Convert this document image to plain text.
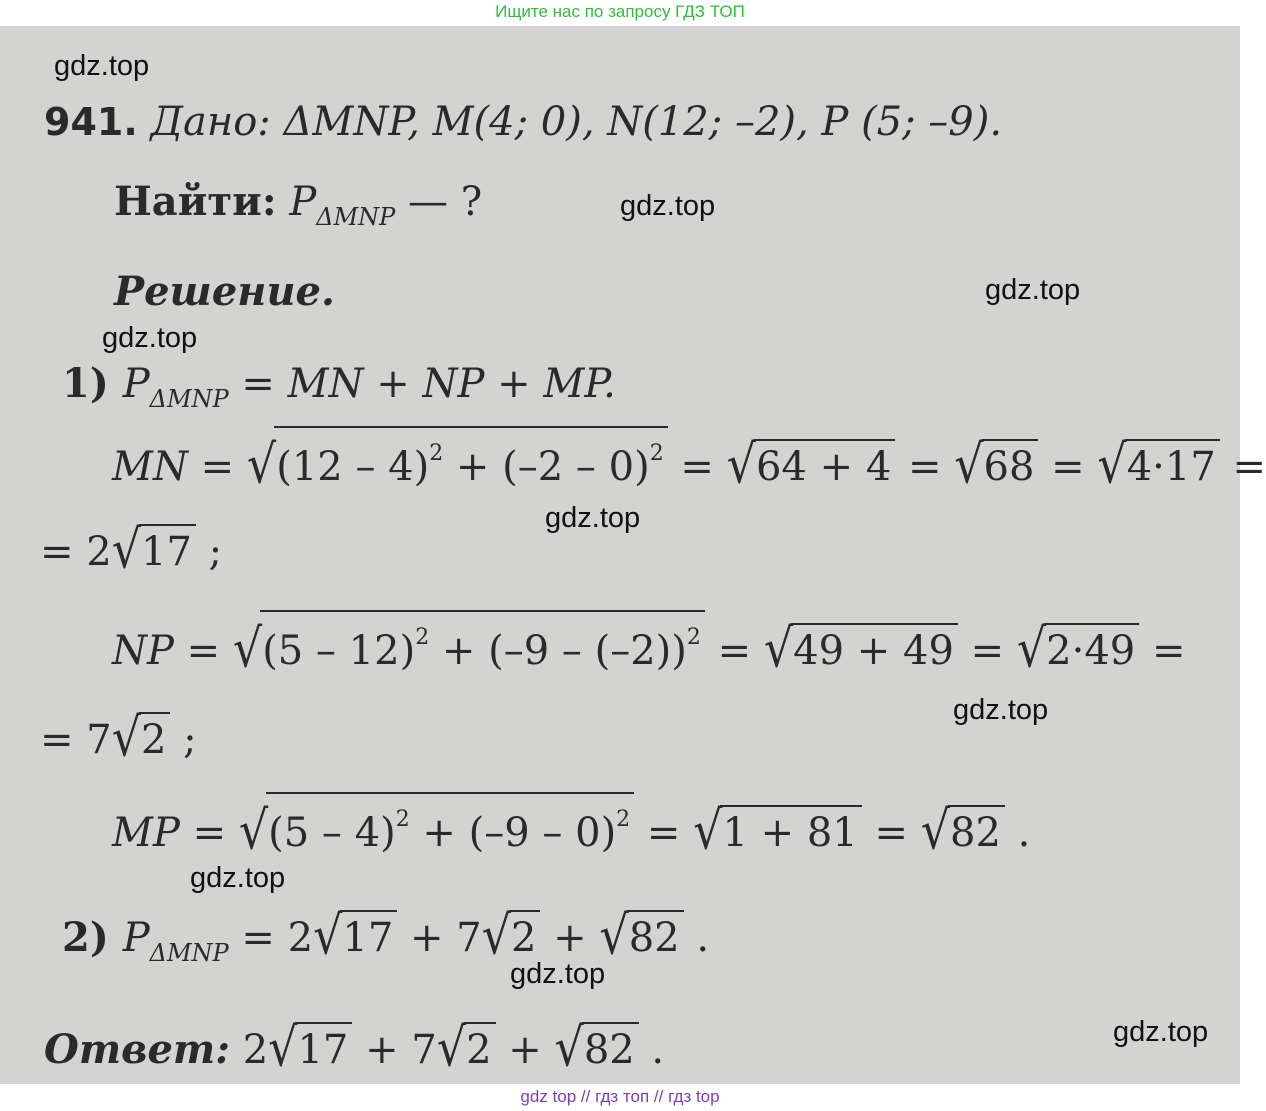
Ищите нас по запросу ГДЗ ТОП
941. Дано: ΔMNP, M(4; 0), N(12; –2), P (5; –9).
Найти: $P_{\Delta MNP}$ — ?
Решение.
1) $P_{\Delta MNP}$ = MN + NP + MP.
MN = √(12 – 4)$^2$ + (–2 – 0)$^2$ = √64 + 4 = √68 = √4·17 =
= 2√17 ;
NP = √(5 – 12)$^2$ + (–9 – (–2))$^2$ = √49 + 49 = √2·49 =
= 7√2 ;
MP = √(5 – 4)$^2$ + (–9 – 0)$^2$ = √1 + 81 = √82 .
2) $P_{\Delta MNP} = 2√17 + 7√2 + √82$ .
Ответ: 2√17 + 7√2 + √82 .
gdz.top
gdz.top
gdz.top
gdz.top
gdz.top
gdz.top
gdz.top
gdz.top
gdz.top
gdz top // гдз топ // гдз top
